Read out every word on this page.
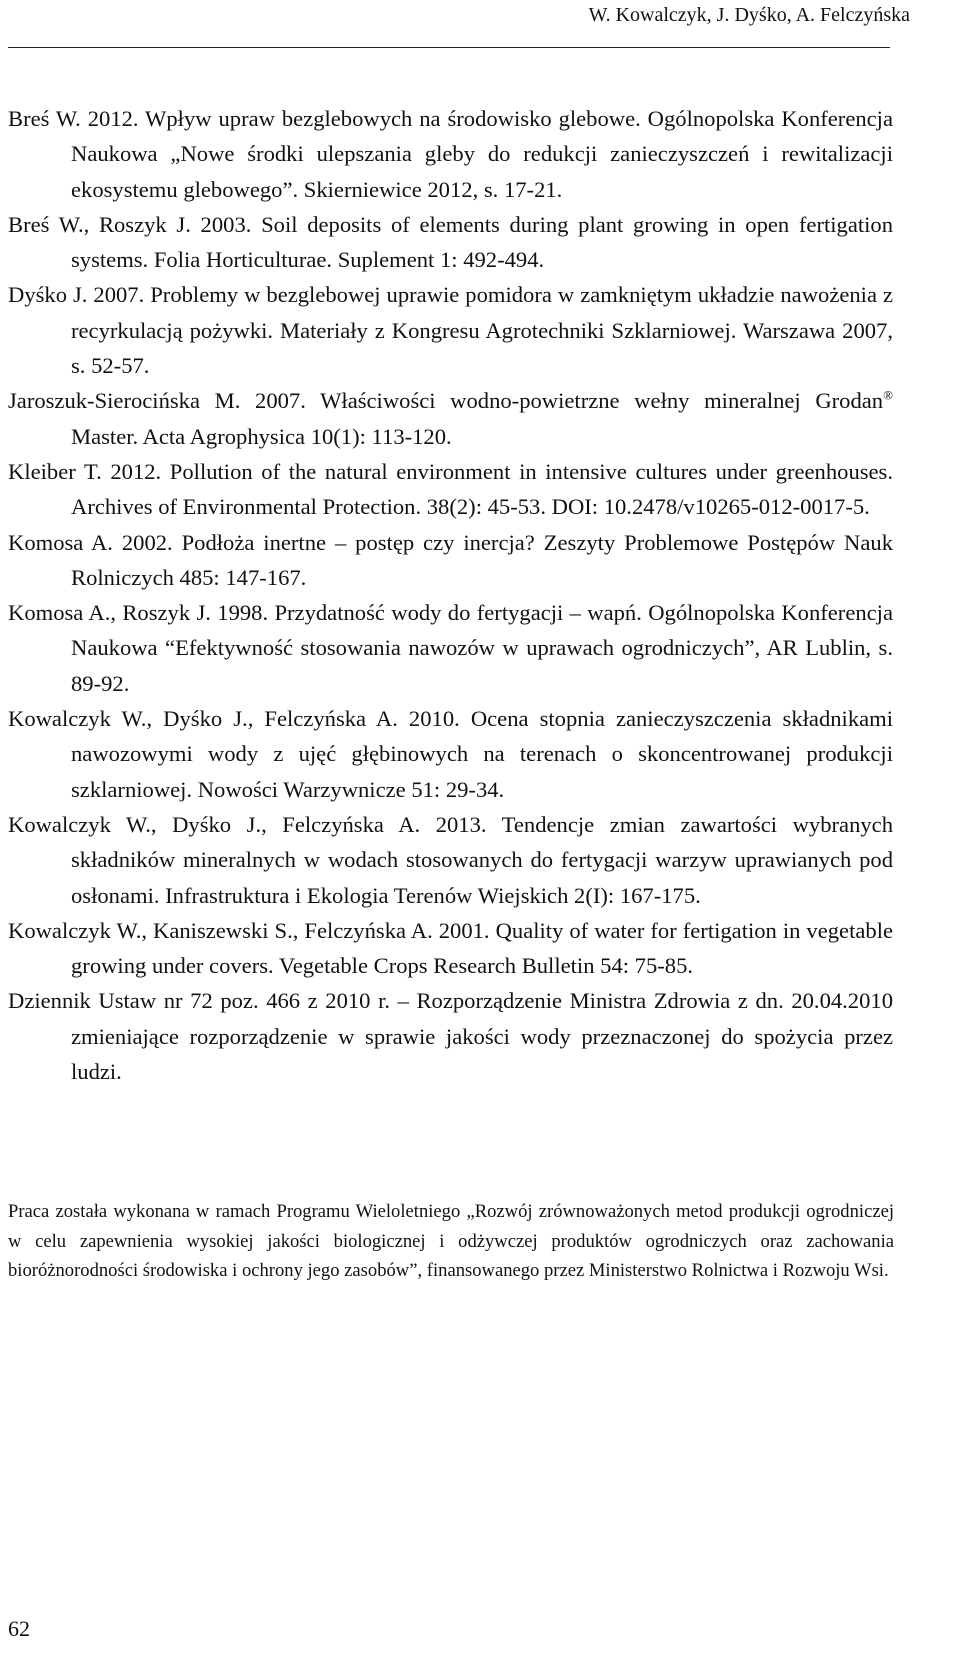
W. Kowalczyk, J. Dyśko, A. Felczyńska
Breś W. 2012. Wpływ upraw bezglebowych na środowisko glebowe. Ogólnopolska Konferencja Naukowa „Nowe środki ulepszania gleby do redukcji zanieczyszczeń i rewitalizacji ekosystemu glebowego”. Skierniewice 2012, s. 17-21.
Breś W., Roszyk J. 2003. Soil deposits of elements during plant growing in open fertigation systems. Folia Horticulturae. Suplement 1: 492-494.
Dyśko J. 2007. Problemy w bezglebowej uprawie pomidora w zamkniętym układzie nawożenia z recyrkulacją pożywki. Materiały z Kongresu Agrotechniki Szklarniowej. Warszawa 2007, s. 52-57.
Jaroszuk-Sierocińska M. 2007. Właściwości wodno-powietrzne wełny mineralnej Grodan® Master. Acta Agrophysica 10(1): 113-120.
Kleiber T. 2012. Pollution of the natural environment in intensive cultures under greenhouses. Archives of Environmental Protection. 38(2): 45-53. DOI: 10.2478/v10265-012-0017-5.
Komosa A. 2002. Podłoża inertne – postęp czy inercja? Zeszyty Problemowe Postępów Nauk Rolniczych 485: 147-167.
Komosa A., Roszyk J. 1998. Przydatność wody do fertygacji – wapń. Ogólnopolska Konferencja Naukowa “Efektywność stosowania nawozów w uprawach ogrodniczych”, AR Lublin, s. 89-92.
Kowalczyk W., Dyśko J., Felczyńska A. 2010. Ocena stopnia zanieczyszczenia składnikami nawozowymi wody z ujęć głębinowych na terenach o skoncentrowanej produkcji szklarniowej. Nowości Warzywnicze 51: 29-34.
Kowalczyk W., Dyśko J., Felczyńska A. 2013. Tendencje zmian zawartości wybranych składników mineralnych w wodach stosowanych do fertygacji warzyw uprawianych pod osłonami. Infrastruktura i Ekologia Terenów Wiejskich 2(I): 167-175.
Kowalczyk W., Kaniszewski S., Felczyńska A. 2001. Quality of water for fertigation in vegetable growing under covers. Vegetable Crops Research Bulletin 54: 75-85.
Dziennik Ustaw nr 72 poz. 466 z 2010 r. – Rozporządzenie Ministra Zdrowia z dn. 20.04.2010 zmieniające rozporządzenie w sprawie jakości wody przeznaczonej do spożycia przez ludzi.
Praca została wykonana w ramach Programu Wieloletniego „Rozwój zrównoważonych metod produkcji ogrodniczej w celu zapewnienia wysokiej jakości biologicznej i odżywczej produktów ogrodniczych oraz zachowania bioróżnorodności środowiska i ochrony jego zasobów”, finansowanego przez Ministerstwo Rolnictwa i Rozwoju Wsi.
62
